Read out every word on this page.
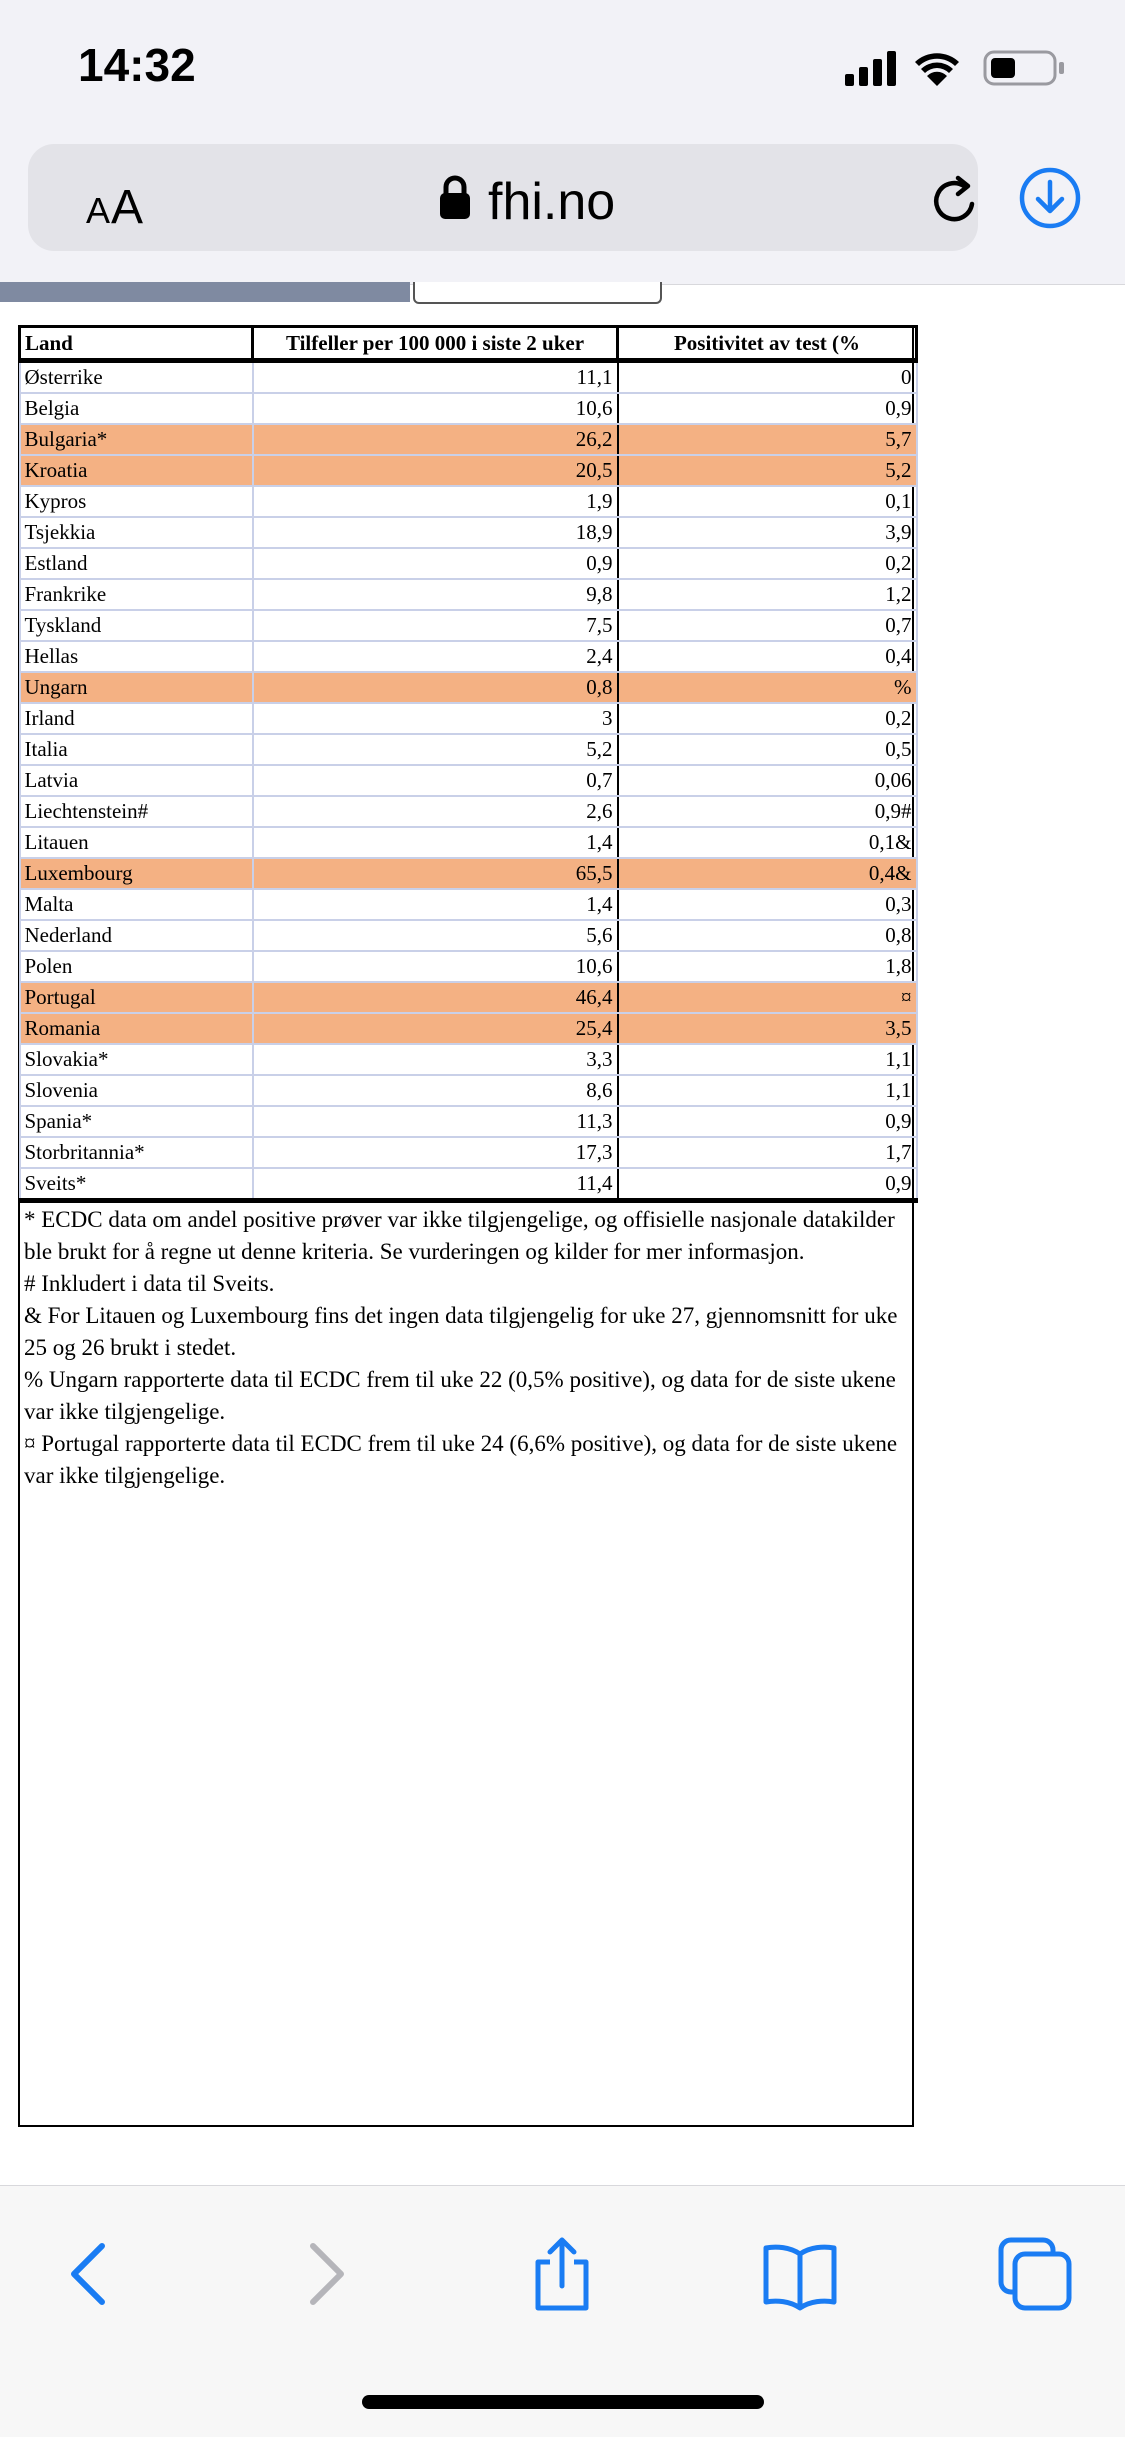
14:32
AA	fhi.no
Land	Tilfeller per 100 000 i siste 2 uker	Positivitet av test (%
Østerrike	11,1	0
Belgia	10,6	0,9
Bulgaria*	26,2	5,7
Kroatia	20,5	5,2
Kypros	1,9	0,1
Tsjekkia	18,9	3,9
Estland	0,9	0,2
Frankrike	9,8	1,2
Tyskland	7,5	0,7
Hellas	2,4	0,4
Ungarn	0,8	%
Irland	3	0,2
Italia	5,2	0,5
Latvia	0,7	0,06
Liechtenstein#	2,6	0,9#
Litauen	1,4	0,1&
Luxembourg	65,5	0,4&
Malta	1,4	0,3
Nederland	5,6	0,8
Polen	10,6	1,8
Portugal	46,4	¤
Romania	25,4	3,5
Slovakia*	3,3	1,1
Slovenia	8,6	1,1
Spania*	11,3	0,9
Storbritannia*	17,3	1,7
Sveits*	11,4	0,9

* ECDC data om andel positive prøver var ikke tilgjengelige, og offisielle nasjonale datakilder ble brukt for å regne ut denne kriteria. Se vurderingen og kilder for mer informasjon.

# Inkludert i data til Sveits.

& For Litauen og Luxembourg fins det ingen data tilgjengelig for uke 27, gjennomsnitt for uke 25 og 26 brukt i stedet.

% Ungarn rapporterte data til ECDC frem til uke 22 (0,5% positive), og data for de siste ukene var ikke tilgjengelige.

¤ Portugal rapporterte data til ECDC frem til uke 24 (6,6% positive), og data for de siste ukene var ikke tilgjengelige.
